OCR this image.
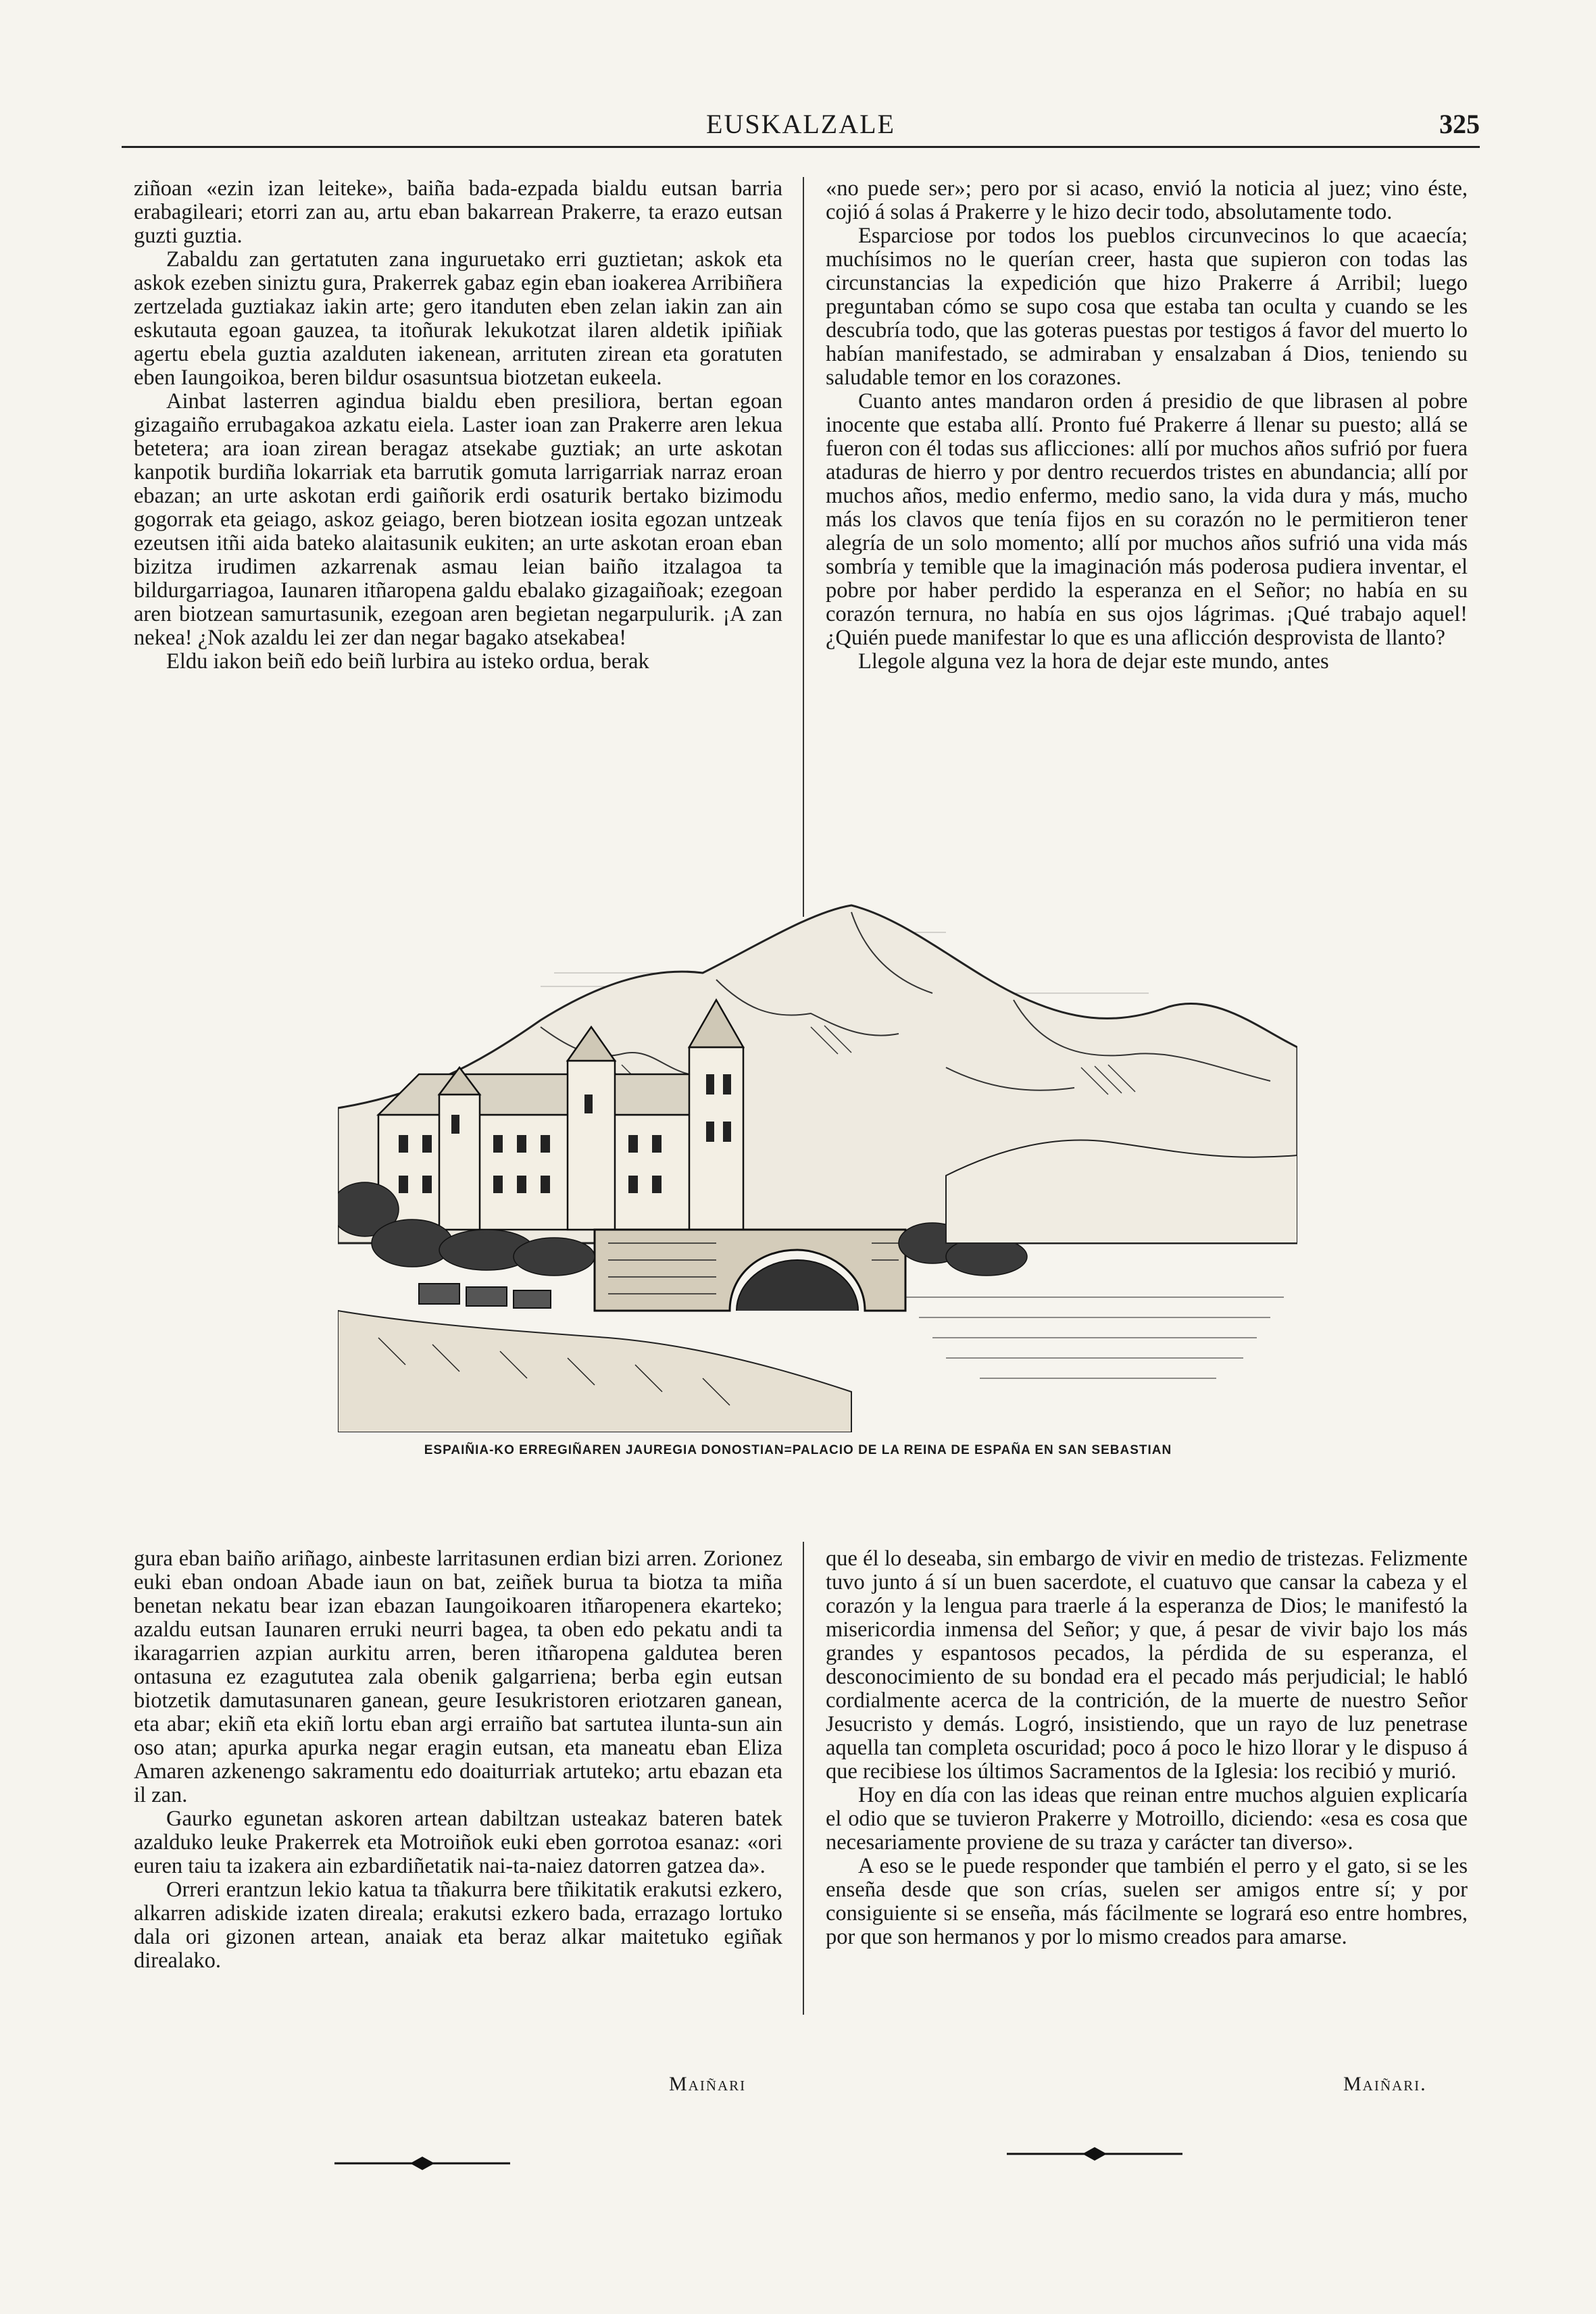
EUSKALZALE	325

ziñoan «ezin izan leiteke», baiña bada-ezpada bialdu eutsan barria erabagileari; etorri zan au, artu eban bakarrean Prakerre, ta erazo eutsan guzti guztia.

Zabaldu zan gertatuten zana inguruetako erri guztietan; askok eta askok ezeben siniztu gura, Prakerrek gabaz egin eban ioakerea Arribiñera zertzelada guztiakaz iakin arte; gero itanduten eben zelan iakin zan ain eskutauta egoan gauzea, ta itoñurak lekukotzat ilaren aldetik ipiñiak agertu ebela guztia azalduten iakenean, arrituten zirean eta goratuten eben Iaungoikoa, beren bildur osasuntsua biotzetan eukeela.

Ainbat lasterren agindua bialdu eben presiliora, bertan egoan gizagaiño errubagakoa azkatu eiela. Laster ioan zan Prakerre aren lekua betetera; ara ioan zirean beragaz atsekabe guztiak; an urte askotan kanpotik burdiña lokarriak eta barrutik gomuta larrigarriak narraz eroan ebazan; an urte askotan erdi gaiñorik erdi osaturik bertako bizimodu gogorrak eta geiago, askoz geiago, beren biotzean iosita egozan untzeak ezeutsen itñi aida bateko alaitasunik eukiten; an urte askotan eroan eban bizitza irudimen azkarrenak asmau leian baiño itzalagoa ta bildurgarriagoa, Iaunaren itñaropena galdu ebalako gizagaiñoak; ezegoan aren biotzean samurtasunik, ezegoan aren begietan negarpulurik. ¡A zan nekea! ¿Nok azaldu lei zer dan negar bagako atsekabea!

Eldu iakon beiñ edo beiñ lurbira au isteko ordua, berak

«no puede ser»; pero por si acaso, envió la noticia al juez; vino éste, cojió á solas á Prakerre y le hizo decir todo, absolutamente todo.

Esparciose por todos los pueblos circunvecinos lo que acaecía; muchísimos no le querían creer, hasta que supieron con todas las circunstancias la expedición que hizo Prakerre á Arribil; luego preguntaban cómo se supo cosa que estaba tan oculta y cuando se les descubría todo, que las goteras puestas por testigos á favor del muerto lo habían manifestado, se admiraban y ensalzaban á Dios, teniendo su saludable temor en los corazones.

Cuanto antes mandaron orden á presidio de que librasen al pobre inocente que estaba allí. Pronto fué Prakerre á llenar su puesto; allá se fueron con él todas sus aflicciones: allí por muchos años sufrió por fuera ataduras de hierro y por dentro recuerdos tristes en abundancia; allí por muchos años, medio enfermo, medio sano, la vida dura y más, mucho más los clavos que tenía fijos en su corazón no le permitieron tener alegría de un solo momento; allí por muchos años sufrió una vida más sombría y temible que la imaginación más poderosa pudiera inventar, el pobre por haber perdido la esperanza en el Señor; no había en su corazón ternura, no había en sus ojos lágrimas. ¡Qué trabajo aquel! ¿Quién puede manifestar lo que es una aflicción desprovista de llanto?

Llegole alguna vez la hora de dejar este mundo, antes

ESPAIÑIA-KO ERREGIÑAREN JAUREGIA DONOSTIAN=PALACIO DE LA REINA DE ESPAÑA EN SAN SEBASTIAN

gura eban baiño ariñago, ainbeste larritasunen erdian bizi arren. Zorionez euki eban ondoan Abade iaun on bat, zeiñek burua ta biotza ta miña benetan nekatu bear izan ebazan Iaungoikoaren itñaropenera ekarteko; azaldu eutsan Iaunaren erruki neurri bagea, ta oben edo pekatu andi ta ikaragarrien azpian aurkitu arren, beren itñaropena galdutea beren ontasuna ez ezagututea zala obenik galgarriena; berba egin eutsan biotzetik damutasunaren ganean, geure Iesukristoren eriotzaren ganean, eta abar; ekiñ eta ekiñ lortu eban argi erraiño bat sartutea ilunta-sun ain oso atan; apurka apurka negar eragin eutsan, eta maneatu eban Eliza Amaren azkenengo sakramentu edo doaiturriak artuteko; artu ebazan eta il zan.

Gaurko egunetan askoren artean dabiltzan usteakaz bateren batek azalduko leuke Prakerrek eta Motroiñok euki eben gorrotoa esanaz: «ori euren taiu ta izakera ain ezbardiñetatik nai-ta-naiez datorren gatzea da».

Orreri erantzun lekio katua ta tñakurra bere tñikitatik erakutsi ezkero, alkarren adiskide izaten direala; erakutsi ezkero bada, errazago lortuko dala ori gizonen artean, anaiak eta beraz alkar maitetuko egiñak direalako.

que él lo deseaba, sin embargo de vivir en medio de tristezas. Felizmente tuvo junto á sí un buen sacerdote, el cuatuvo que cansar la cabeza y el corazón y la lengua para traerle á la esperanza de Dios; le manifestó la misericordia inmensa del Señor; y que, á pesar de vivir bajo los más grandes y espantosos pecados, la pérdida de su esperanza, el desconocimiento de su bondad era el pecado más perjudicial; le habló cordialmente acerca de la contrición, de la muerte de nuestro Señor Jesucristo y demás. Logró, insistiendo, que un rayo de luz penetrase aquella tan completa oscuridad; poco á poco le hizo llorar y le dispuso á que recibiese los últimos Sacramentos de la Iglesia: los recibió y murió.

Hoy en día con las ideas que reinan entre muchos alguien explicaría el odio que se tuvieron Prakerre y Motroillo, diciendo: «esa es cosa que necesariamente proviene de su traza y carácter tan diverso».

A eso se le puede responder que también el perro y el gato, si se les enseña desde que son crías, suelen ser amigos entre sí; y por consiguiente si se enseña, más fácilmente se logrará eso entre hombres, por que son hermanos y por lo mismo creados para amarse.

Maiñari	Maiñari.
